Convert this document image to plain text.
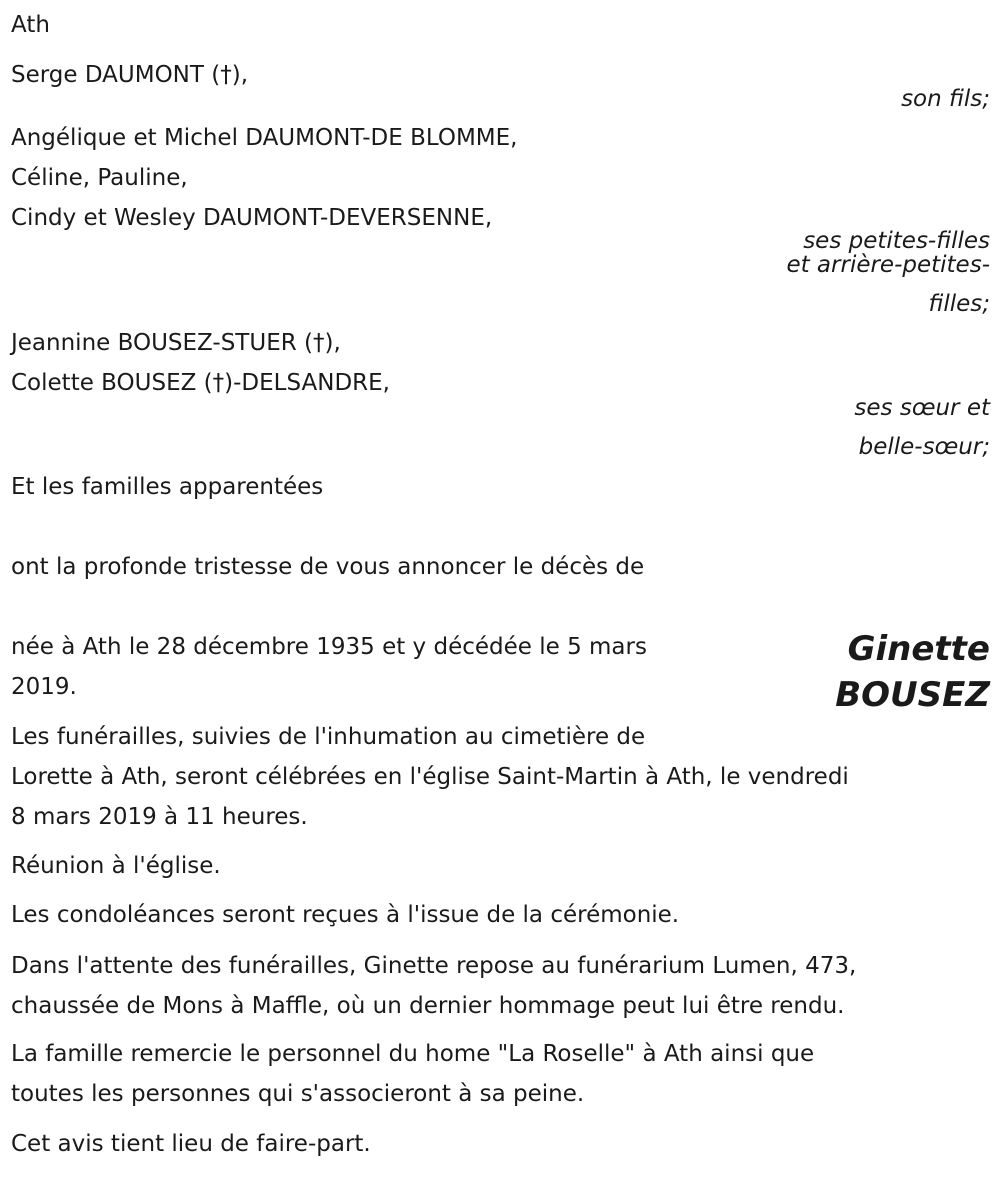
Ath
Serge DAUMONT (†),
son fils;
Angélique et Michel DAUMONT-DE BLOMME,
Céline, Pauline,
Cindy et Wesley DAUMONT-DEVERSENNE,
ses petites-filles
et arrière-petites-
filles;
Jeannine BOUSEZ-STUER (†),
Colette BOUSEZ (†)-DELSANDRE,
ses sœur et
belle-sœur;
Et les familles apparentées
ont la profonde tristesse de vous annoncer le décès de
Ginette
BOUSEZ
née à Ath le 28 décembre 1935 et y décédée le 5 mars
2019.
Les funérailles, suivies de l'inhumation au cimetière de
Lorette à Ath, seront célébrées en l'église Saint-Martin à Ath, le vendredi
8 mars 2019 à 11 heures.
Réunion à l'église.
Les condoléances seront reçues à l'issue de la cérémonie.
Dans l'attente des funérailles, Ginette repose au funérarium Lumen, 473,
chaussée de Mons à Maffle, où un dernier hommage peut lui être rendu.
La famille remercie le personnel du home "La Roselle" à Ath ainsi que
toutes les personnes qui s'associeront à sa peine.
Cet avis tient lieu de faire-part.
